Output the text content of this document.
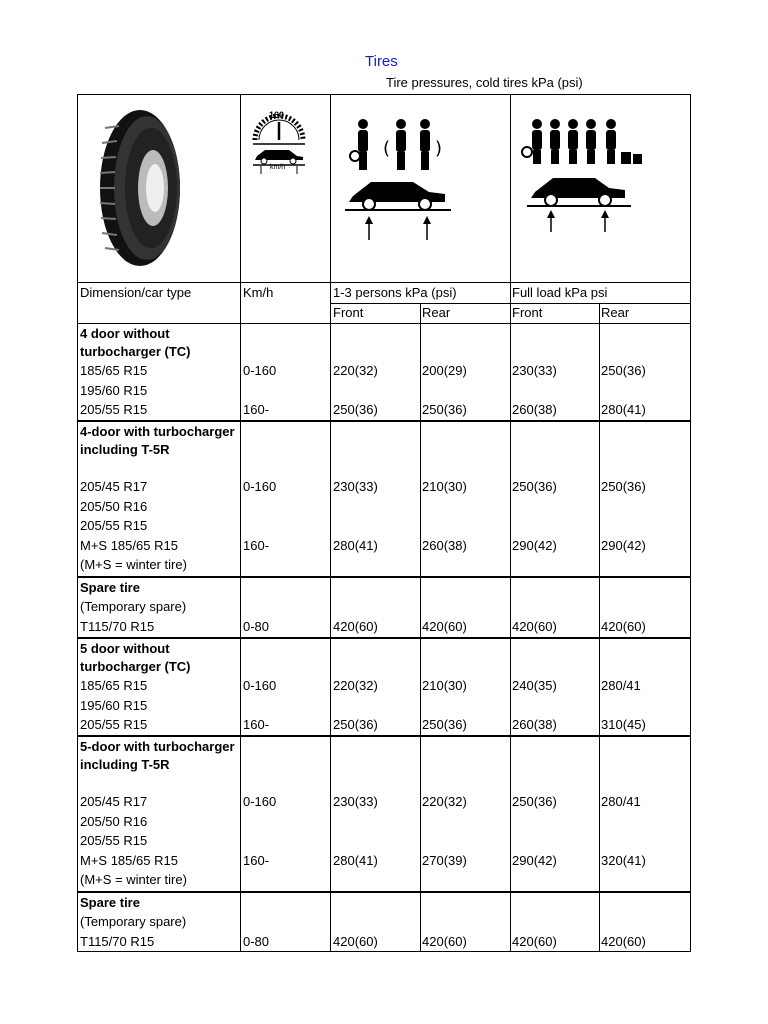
Tires
Tire pressures, cold tires kPa (psi)
160
km/h
( )
Dimension/car type	Km/h	1-3 persons kPa (psi)	Full load kPa psi
Front	Rear	Front	Rear
4 door without turbocharger (TC)
185/65 R15	0-160	220(32)	200(29)	230(33)	250(36)
195/60 R15
205/55 R15	160-	250(36)	250(36)	260(38)	280(41)
4-door with turbocharger including T-5R
205/45 R17	0-160	230(33)	210(30)	250(36)	250(36)
205/50 R16
205/55 R15
M+S 185/65 R15	160-	280(41)	260(38)	290(42)	290(42)
(M+S = winter tire)
Spare tire
(Temporary spare)
T115/70 R15	0-80	420(60)	420(60)	420(60)	420(60)
5 door without turbocharger (TC)
185/65 R15	0-160	220(32)	210(30)	240(35)	280/41
195/60 R15
205/55 R15	160-	250(36)	250(36)	260(38)	310(45)
5-door with turbocharger including T-5R
205/45 R17	0-160	230(33)	220(32)	250(36)	280/41
205/50 R16
205/55 R15
M+S 185/65 R15	160-	280(41)	270(39)	290(42)	320(41)
(M+S = winter tire)
Spare tire
(Temporary spare)
T115/70 R15	0-80	420(60)	420(60)	420(60)	420(60)
